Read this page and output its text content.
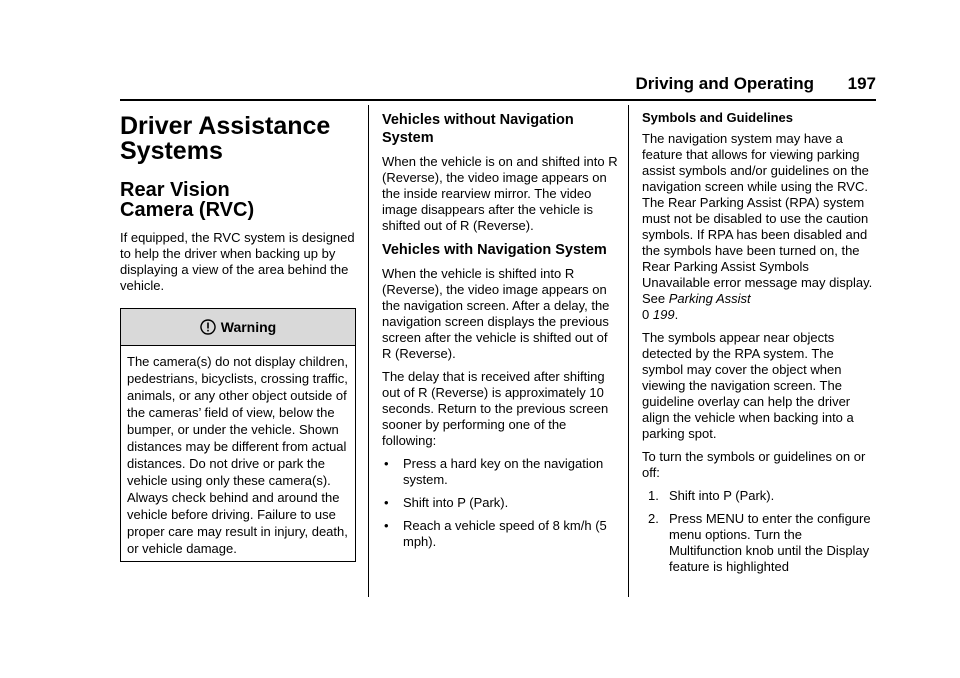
Driving and Operating 197
Driver Assistance
Systems
Rear Vision
Camera (RVC)

If equipped, the RVC system is designed to help the driver when backing up by displaying a view of the area behind the vehicle.

Warning
The camera(s) do not display children, pedestrians, bicyclists, crossing traffic, animals, or any other object outside of the cameras’ field of view, below the bumper, or under the vehicle. Shown distances may be different from actual distances. Do not drive or park the vehicle using only these camera(s). Always check behind and around the vehicle before driving. Failure to use proper care may result in injury, death, or vehicle damage.
Vehicles without Navigation System

When the vehicle is on and shifted into R (Reverse), the video image appears on the inside rearview mirror. The video image disappears after the vehicle is shifted out of R (Reverse).

Vehicles with Navigation System

When the vehicle is shifted into R (Reverse), the video image appears on the navigation screen. After a delay, the navigation screen displays the previous screen after the vehicle is shifted out of R (Reverse).

The delay that is received after shifting out of R (Reverse) is approximately 10 seconds. Return to the previous screen sooner by performing one of the following:

• Press a hard key on the navigation system.
• Shift into P (Park).
• Reach a vehicle speed of 8 km/h (5 mph).
Symbols and Guidelines

The navigation system may have a feature that allows for viewing parking assist symbols and/or guidelines on the navigation screen while using the RVC. The Rear Parking Assist (RPA) system must not be disabled to use the caution symbols. If RPA has been disabled and the symbols have been turned on, the Rear Parking Assist Symbols Unavailable error message may display. See Parking Assist
0 199.

The symbols appear near objects detected by the RPA system. The symbol may cover the object when viewing the navigation screen. The guideline overlay can help the driver align the vehicle when backing into a parking spot.

To turn the symbols or guidelines on or off:

1. Shift into P (Park).
2. Press MENU to enter the configure menu options. Turn the Multifunction knob until the Display feature is highlighted
